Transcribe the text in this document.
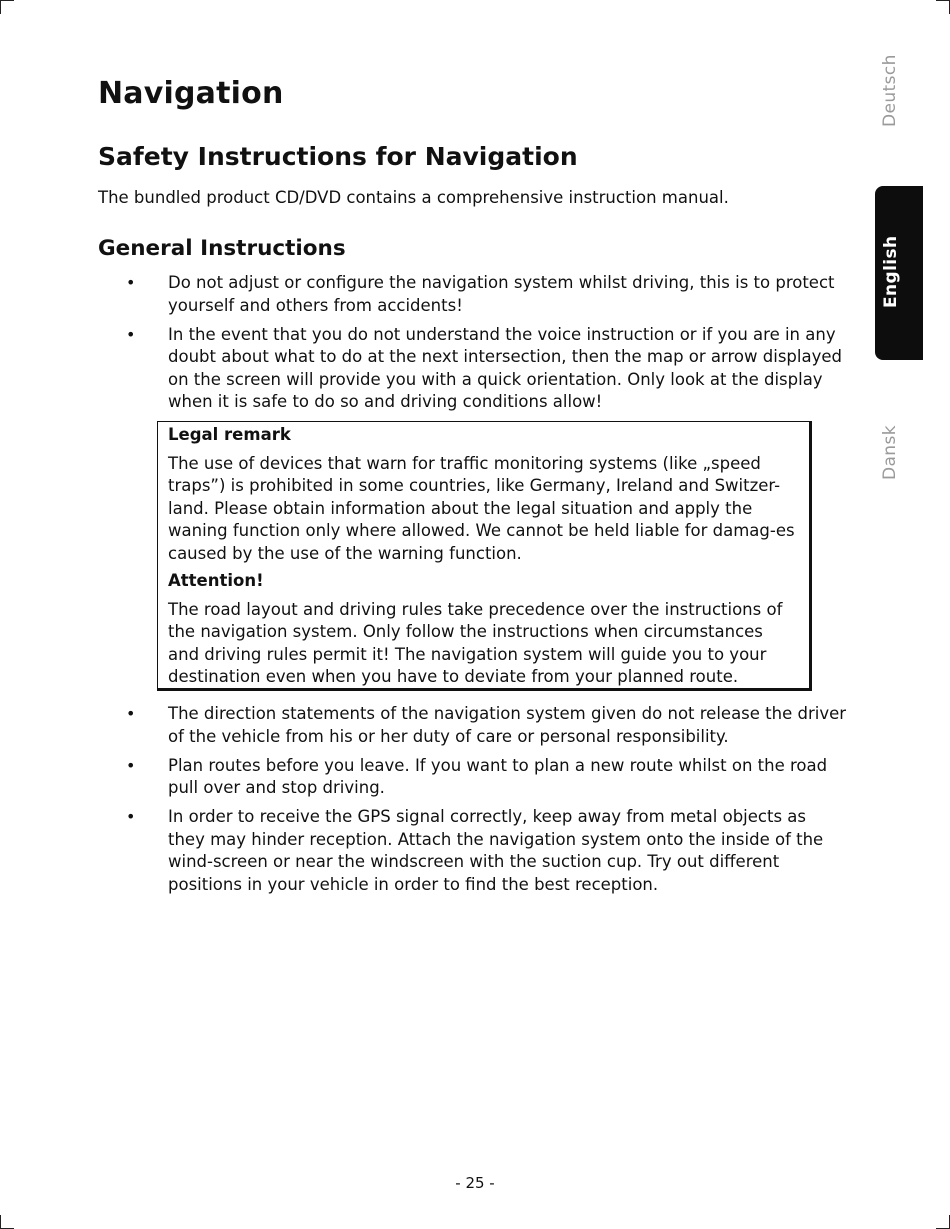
Navigation
Safety Instructions for Navigation

The bundled product CD/DVD contains a comprehensive instruction manual.

General Instructions
• Do not adjust or configure the navigation system whilst driving, this is to protect yourself and others from accidents!
• In the event that you do not understand the voice instruction or if you are in any doubt about what to do at the next intersection, then the map or arrow displayed on the screen will provide you with a quick orientation. Only look at the display when it is safe to do so and driving conditions allow!

Legal remark

The use of devices that warn for traffic monitoring systems (like „speed traps”) is prohibited in some countries, like Germany, Ireland and Switzer-land. Please obtain information about the legal situation and apply the waning function only where allowed. We cannot be held liable for damag-es caused by the use of the warning function.

Attention!

The road layout and driving rules take precedence over the instructions of the navigation system. Only follow the instructions when circumstances and driving rules permit it! The navigation system will guide you to your destination even when you have to deviate from your planned route.

• The direction statements of the navigation system given do not release the driver of the vehicle from his or her duty of care or personal responsibility.
• Plan routes before you leave. If you want to plan a new route whilst on the road pull over and stop driving.
• In order to receive the GPS signal correctly, keep away from metal objects as they may hinder reception. Attach the navigation system onto the inside of the wind-screen or near the windscreen with the suction cup. Try out different positions in your vehicle in order to find the best reception.
Deutsch
English
Dansk
- 25 -
